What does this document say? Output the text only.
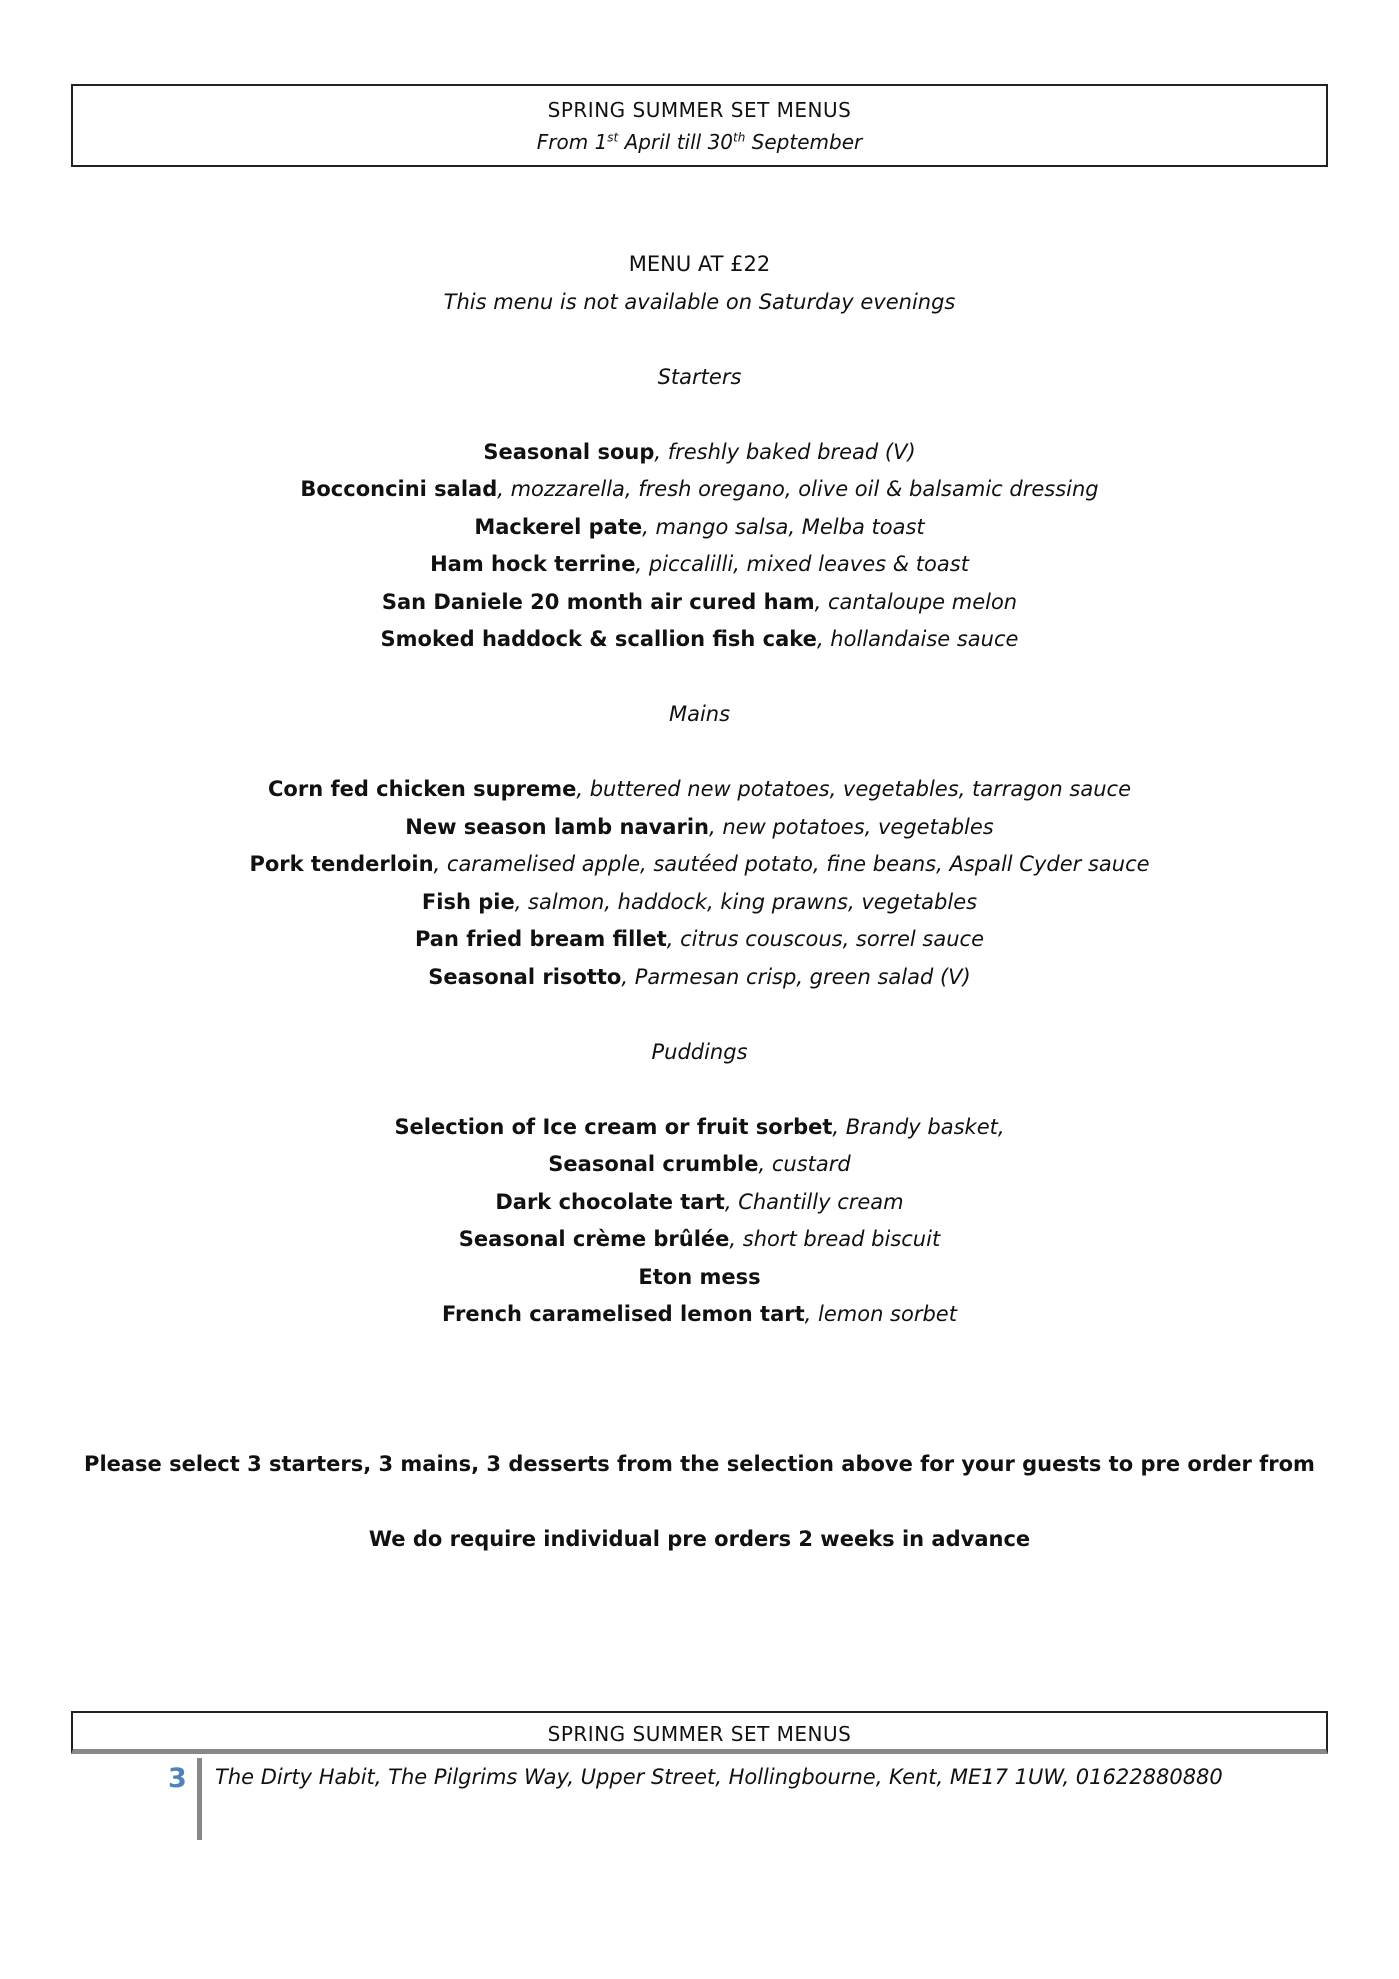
SPRING SUMMER SET MENUS
From 1st April till 30th September
MENU AT £22
This menu is not available on Saturday evenings
Starters
Seasonal soup, freshly baked bread (V)
Bocconcini salad, mozzarella, fresh oregano, olive oil & balsamic dressing
Mackerel pate, mango salsa, Melba toast
Ham hock terrine, piccalilli, mixed leaves & toast
San Daniele 20 month air cured ham, cantaloupe melon
Smoked haddock & scallion fish cake, hollandaise sauce
Mains
Corn fed chicken supreme, buttered new potatoes, vegetables, tarragon sauce
New season lamb navarin, new potatoes, vegetables
Pork tenderloin, caramelised apple, sautéed potato, fine beans, Aspall Cyder sauce
Fish pie, salmon, haddock, king prawns, vegetables
Pan fried bream fillet, citrus couscous, sorrel sauce
Seasonal risotto, Parmesan crisp, green salad (V)
Puddings
Selection of Ice cream or fruit sorbet, Brandy basket,
Seasonal crumble, custard
Dark chocolate tart, Chantilly cream
Seasonal crème brûlée, short bread biscuit
Eton mess
French caramelised lemon tart, lemon sorbet
Please select 3 starters, 3 mains, 3 desserts from the selection above for your guests to pre order from
We do require individual pre orders 2 weeks in advance
SPRING SUMMER SET MENUS
3 The Dirty Habit, The Pilgrims Way, Upper Street, Hollingbourne, Kent, ME17 1UW, 01622880880
